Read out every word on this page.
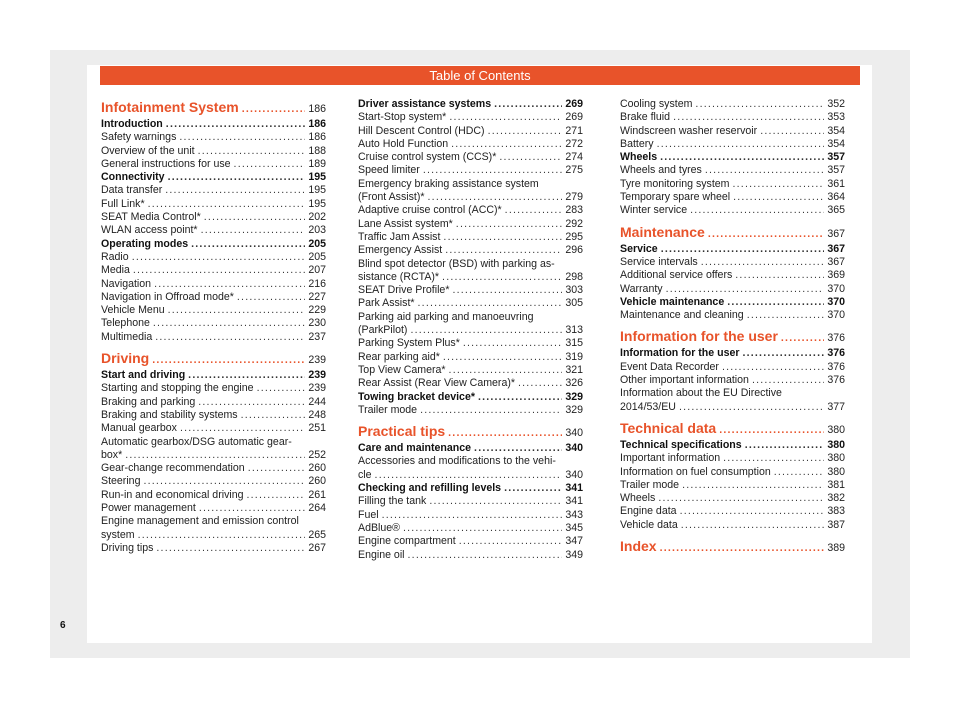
Table of Contents
Infotainment System .....	186
Introduction .....	186
Safety warnings .....	186
Overview of the unit .....	188
General instructions for use .....	189
Connectivity .....	195
Data transfer .....	195
Full Link* .....	195
SEAT Media Control* .....	202
WLAN access point* .....	203
Operating modes .....	205
Radio .....	205
Media .....	207
Navigation .....	216
Navigation in Offroad mode* .....	227
Vehicle Menu .....	229
Telephone .....	230
Multimedia .....	237
Driving .....	239
Start and driving .....	239
Starting and stopping the engine .....	239
Braking and parking .....	244
Braking and stability systems .....	248
Manual gearbox .....	251
Automatic gearbox/DSG automatic gear-
box* .....	252
Gear-change recommendation .....	260
Steering .....	260
Run-in and economical driving .....	261
Power management .....	264
Engine management and emission control
system .....	265
Driving tips .....	267
Driver assistance systems .....	269
Start-Stop system* .....	269
Hill Descent Control (HDC) .....	271
Auto Hold Function .....	272
Cruise control system (CCS)* .....	274
Speed limiter .....	275
Emergency braking assistance system
(Front Assist)* .....	279
Adaptive cruise control (ACC)* .....	283
Lane Assist system* .....	292
Traffic Jam Assist .....	295
Emergency Assist .....	296
Blind spot detector (BSD) with parking as-
sistance (RCTA)* .....	298
SEAT Drive Profile* .....	303
Park Assist* .....	305
Parking aid parking and manoeuvring
(ParkPilot) .....	313
Parking System Plus* .....	315
Rear parking aid* .....	319
Top View Camera* .....	321
Rear Assist (Rear View Camera)* .....	326
Towing bracket device* .....	329
Trailer mode .....	329
Practical tips .....	340
Care and maintenance .....	340
Accessories and modifications to the vehi-
cle .....	340
Checking and refilling levels .....	341
Filling the tank .....	341
Fuel .....	343
AdBlue® .....	345
Engine compartment .....	347
Engine oil .....	349
Cooling system .....	352
Brake fluid .....	353
Windscreen washer reservoir .....	354
Battery .....	354
Wheels .....	357
Wheels and tyres .....	357
Tyre monitoring system .....	361
Temporary spare wheel .....	364
Winter service .....	365
Maintenance .....	367
Service .....	367
Service intervals .....	367
Additional service offers .....	369
Warranty .....	370
Vehicle maintenance .....	370
Maintenance and cleaning .....	370
Information for the user .....	376
Information for the user .....	376
Event Data Recorder .....	376
Other important information .....	376
Information about the EU Directive
2014/53/EU .....	377
Technical data .....	380
Technical specifications .....	380
Important information .....	380
Information on fuel consumption .....	380
Trailer mode .....	381
Wheels .....	382
Engine data .....	383
Vehicle data .....	387
Index .....	389
6
